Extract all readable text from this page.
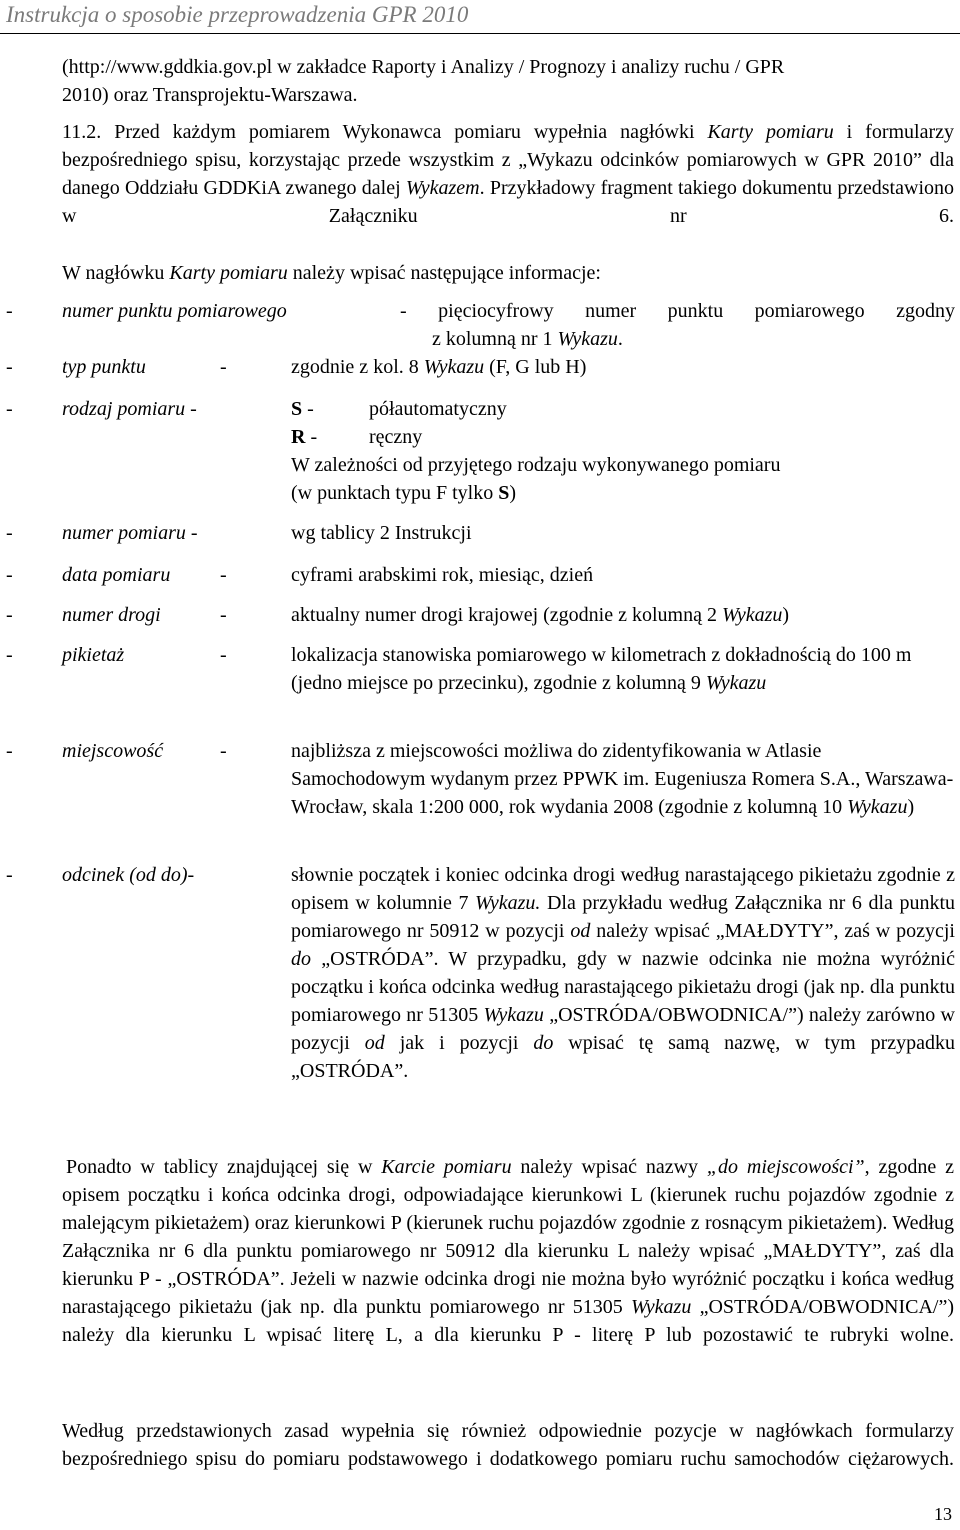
Instrukcja o sposobie przeprowadzenia GPR 2010
(http://www.gddkia.gov.pl w zakładce Raporty i Analizy / Prognozy i analizy ruchu / GPR
2010) oraz Transprojektu-Warszawa.
11.2. Przed każdym pomiarem Wykonawca pomiaru wypełnia nagłówki Karty pomiaru i formularzy bezpośredniego spisu, korzystając przede wszystkim z „Wykazu odcinków pomiarowych w GPR 2010” dla danego Oddziału GDDKiA zwanego dalej Wykazem. Przykładowy fragment takiego dokumentu przedstawiono w Załączniku nr 6.
W nagłówku Karty pomiaru należy wpisać następujące informacje:
- numer punktu pomiarowego	- pięciocyfrowy numer punktu pomiarowego zgodny
z kolumną nr 1 Wykazu.
- typ punktu	-	zgodnie z kol. 8 Wykazu (F, G lub H)
- rodzaj pomiaru -	S -	półautomatyczny
R -	ręczny
W zależności od przyjętego rodzaju wykonywanego pomiaru
(w punktach typu F tylko S)
- numer pomiaru -	wg tablicy 2 Instrukcji
- data pomiaru -	cyframi arabskimi rok, miesiąc, dzień
- numer drogi	-	aktualny numer drogi krajowej (zgodnie z kolumną 2 Wykazu)
- pikietaż	-	lokalizacja stanowiska pomiarowego w kilometrach z dokładnością do 100 m (jedno miejsce po przecinku), zgodnie z kolumną 9 Wykazu
- miejscowość	-	najbliższa z miejscowości możliwa do zidentyfikowania w Atlasie Samochodowym wydanym przez PPWK im. Eugeniusza Romera S.A., Warszawa-Wrocław, skala 1:200 000, rok wydania 2008 (zgodnie z kolumną 10 Wykazu)
- odcinek (od do)-	słownie początek i koniec odcinka drogi według narastającego pikietażu zgodnie z opisem w kolumnie 7 Wykazu. Dla przykładu według Załącznika nr 6 dla punktu pomiarowego nr 50912 w pozycji od należy wpisać „MAŁDYTY”, zaś w pozycji do „OSTRÓDA”. W przypadku, gdy w nazwie odcinka nie można wyróżnić początku i końca odcinka według narastającego pikietażu drogi (jak np. dla punktu pomiarowego nr 51305 Wykazu „OSTRÓDA/OBWODNICA/”) należy zarówno w pozycji od jak i pozycji do wpisać tę samą nazwę, w tym przypadku „OSTRÓDA”.
Ponadto w tablicy znajdującej się w Karcie pomiaru należy wpisać nazwy „do miejscowości”, zgodne z opisem początku i końca odcinka drogi, odpowiadające kierunkowi L (kierunek ruchu pojazdów zgodnie z malejącym pikietażem) oraz kierunkowi P (kierunek ruchu pojazdów zgodnie z rosnącym pikietażem). Według Załącznika nr 6 dla punktu pomiarowego nr 50912 dla kierunku L należy wpisać „MAŁDYTY”, zaś dla kierunku P - „OSTRÓDA”. Jeżeli w nazwie odcinka drogi nie można było wyróżnić początku i końca według narastającego pikietażu (jak np. dla punktu pomiarowego nr 51305 Wykazu „OSTRÓDA/OBWODNICA/”) należy dla kierunku L wpisać literę L, a dla kierunku P - literę P lub pozostawić te rubryki wolne.
Według przedstawionych zasad wypełnia się również odpowiednie pozycje w nagłówkach formularzy bezpośredniego spisu do pomiaru podstawowego i dodatkowego pomiaru ruchu samochodów ciężarowych.
13
